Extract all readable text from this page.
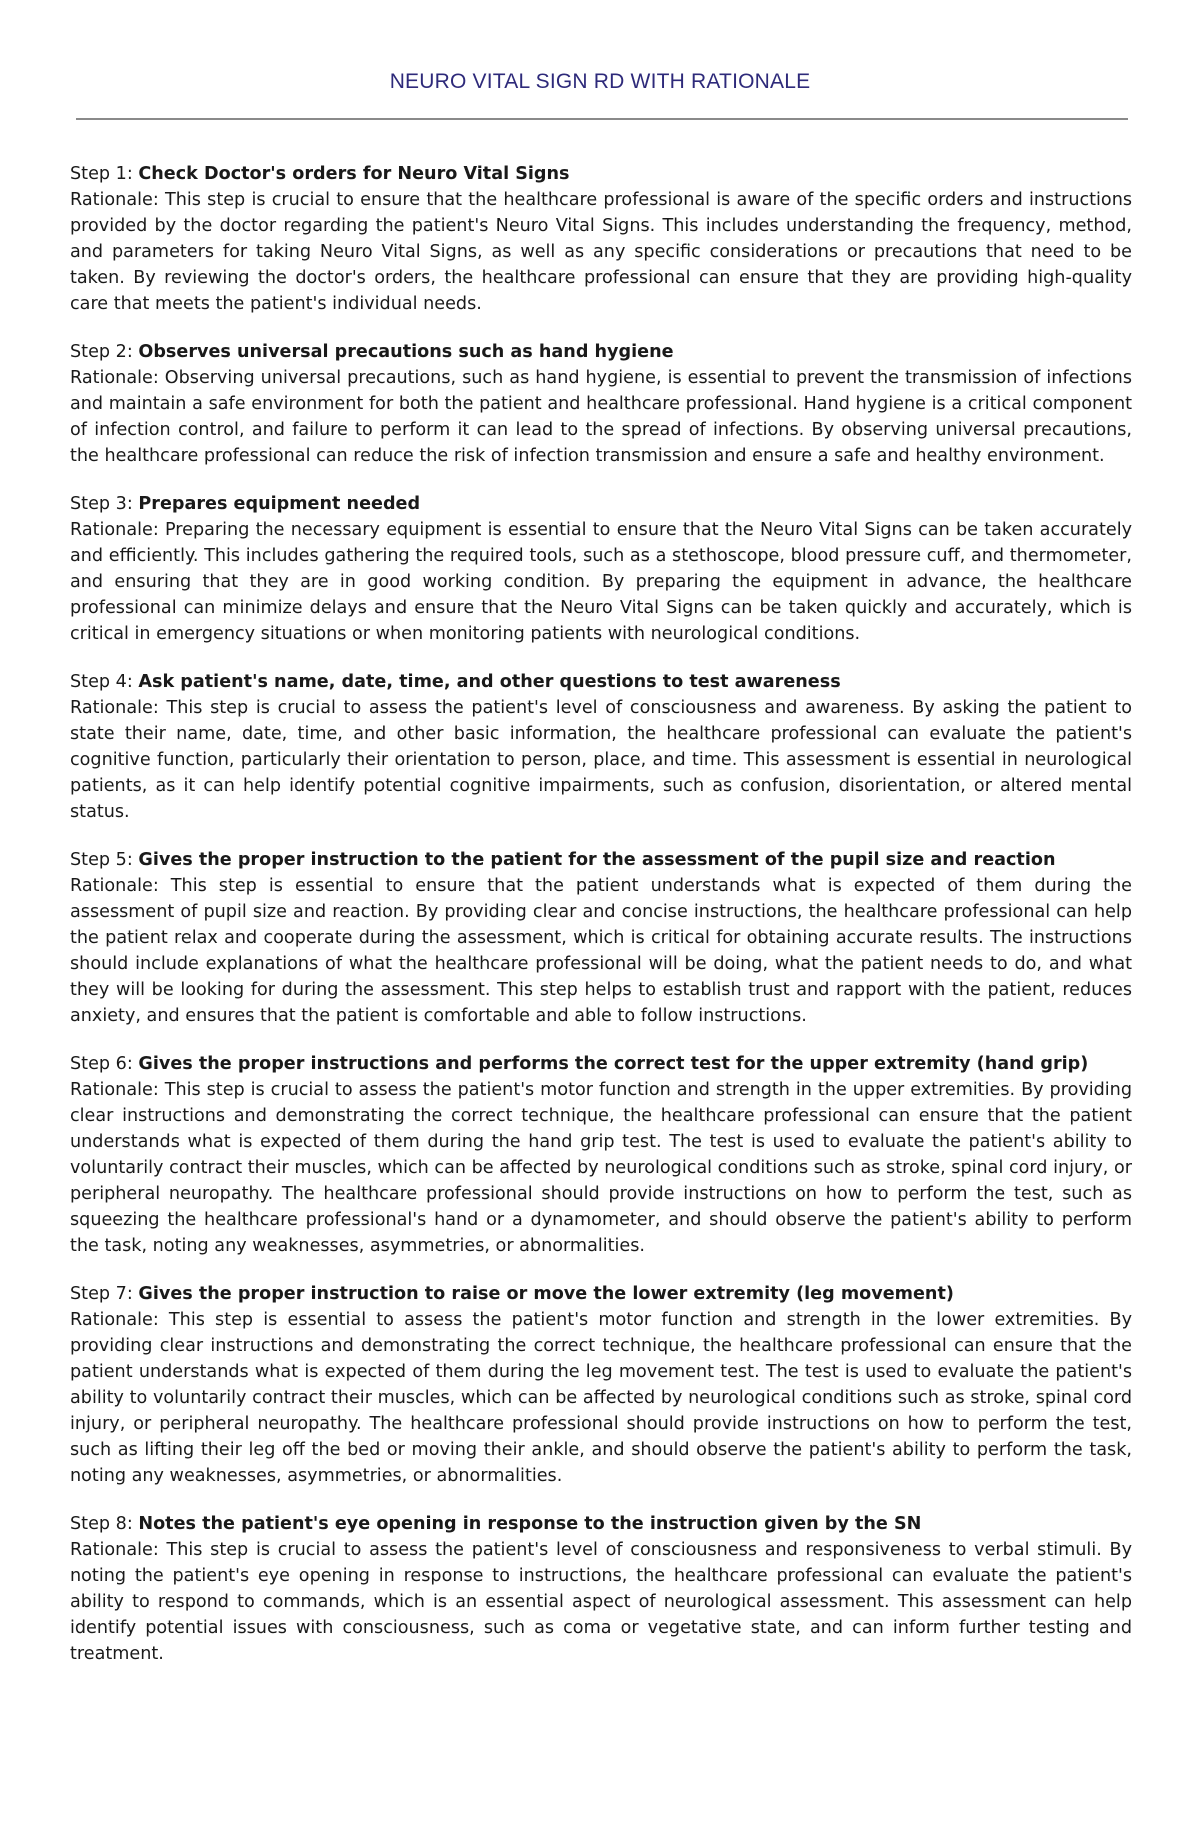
NEURO VITAL SIGN RD WITH RATIONALE
Step 1: Check Doctor's orders for Neuro Vital Signs

Rationale: This step is crucial to ensure that the healthcare professional is aware of the specific orders and instructions provided by the doctor regarding the patient's Neuro Vital Signs. This includes understanding the frequency, method, and parameters for taking Neuro Vital Signs, as well as any specific considerations or precautions that need to be taken. By reviewing the doctor's orders, the healthcare professional can ensure that they are providing high-quality care that meets the patient's individual needs.

Step 2: Observes universal precautions such as hand hygiene

Rationale: Observing universal precautions, such as hand hygiene, is essential to prevent the transmission of infections and maintain a safe environment for both the patient and healthcare professional. Hand hygiene is a critical component of infection control, and failure to perform it can lead to the spread of infections. By observing universal precautions, the healthcare professional can reduce the risk of infection transmission and ensure a safe and healthy environment.

Step 3: Prepares equipment needed

Rationale: Preparing the necessary equipment is essential to ensure that the Neuro Vital Signs can be taken accurately and efficiently. This includes gathering the required tools, such as a stethoscope, blood pressure cuff, and thermometer, and ensuring that they are in good working condition. By preparing the equipment in advance, the healthcare professional can minimize delays and ensure that the Neuro Vital Signs can be taken quickly and accurately, which is critical in emergency situations or when monitoring patients with neurological conditions.

Step 4: Ask patient's name, date, time, and other questions to test awareness

Rationale: This step is crucial to assess the patient's level of consciousness and awareness. By asking the patient to state their name, date, time, and other basic information, the healthcare professional can evaluate the patient's cognitive function, particularly their orientation to person, place, and time. This assessment is essential in neurological patients, as it can help identify potential cognitive impairments, such as confusion, disorientation, or altered mental status.

Step 5: Gives the proper instruction to the patient for the assessment of the pupil size and reaction

Rationale: This step is essential to ensure that the patient understands what is expected of them during the assessment of pupil size and reaction. By providing clear and concise instructions, the healthcare professional can help the patient relax and cooperate during the assessment, which is critical for obtaining accurate results. The instructions should include explanations of what the healthcare professional will be doing, what the patient needs to do, and what they will be looking for during the assessment. This step helps to establish trust and rapport with the patient, reduces anxiety, and ensures that the patient is comfortable and able to follow instructions.

Step 6: Gives the proper instructions and performs the correct test for the upper extremity (hand grip)

Rationale: This step is crucial to assess the patient's motor function and strength in the upper extremities. By providing clear instructions and demonstrating the correct technique, the healthcare professional can ensure that the patient understands what is expected of them during the hand grip test. The test is used to evaluate the patient's ability to voluntarily contract their muscles, which can be affected by neurological conditions such as stroke, spinal cord injury, or peripheral neuropathy. The healthcare professional should provide instructions on how to perform the test, such as squeezing the healthcare professional's hand or a dynamometer, and should observe the patient's ability to perform the task, noting any weaknesses, asymmetries, or abnormalities.

Step 7: Gives the proper instruction to raise or move the lower extremity (leg movement)

Rationale: This step is essential to assess the patient's motor function and strength in the lower extremities. By providing clear instructions and demonstrating the correct technique, the healthcare professional can ensure that the patient understands what is expected of them during the leg movement test. The test is used to evaluate the patient's ability to voluntarily contract their muscles, which can be affected by neurological conditions such as stroke, spinal cord injury, or peripheral neuropathy. The healthcare professional should provide instructions on how to perform the test, such as lifting their leg off the bed or moving their ankle, and should observe the patient's ability to perform the task, noting any weaknesses, asymmetries, or abnormalities.

Step 8: Notes the patient's eye opening in response to the instruction given by the SN

Rationale: This step is crucial to assess the patient's level of consciousness and responsiveness to verbal stimuli. By noting the patient's eye opening in response to instructions, the healthcare professional can evaluate the patient's ability to respond to commands, which is an essential aspect of neurological assessment. This assessment can help identify potential issues with consciousness, such as coma or vegetative state, and can inform further testing and treatment.
